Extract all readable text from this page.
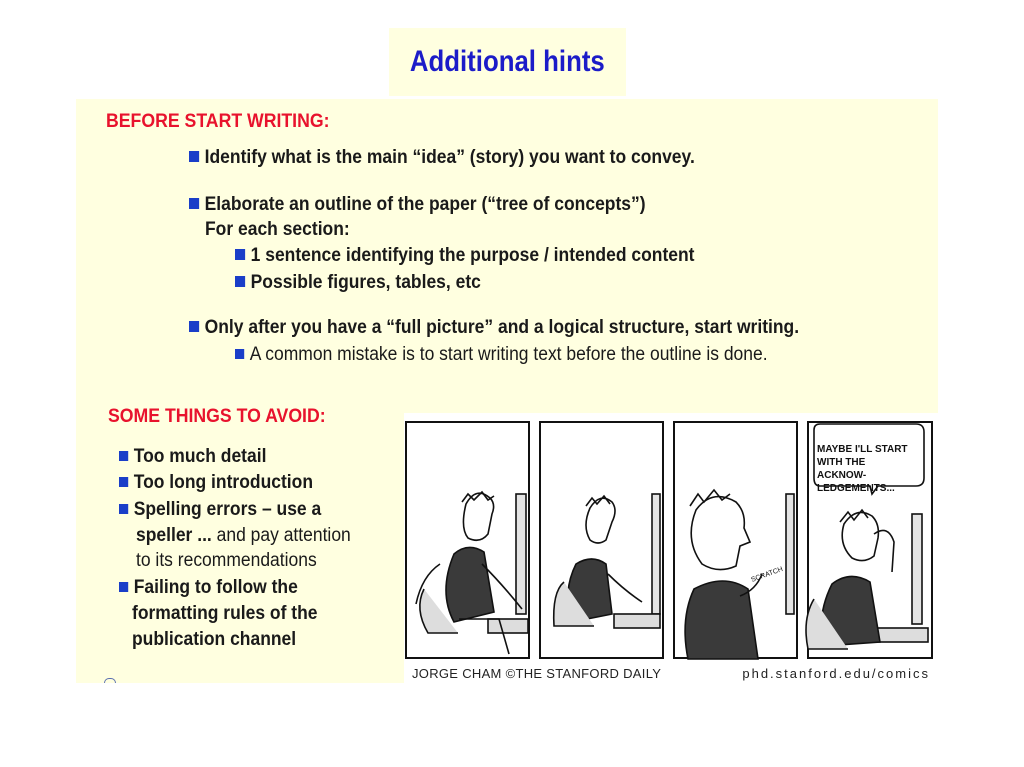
Additional hints

BEFORE START WRITING:

Identify what is the main “idea” (story) you want to convey.

Elaborate an outline of the paper (“tree of concepts”)

For each section:

1 sentence identifying the purpose / intended content

Possible figures, tables, etc

Only after you have a “full picture” and a logical structure, start writing.

A common mistake is to start writing text before the outline is done.

SOME THINGS TO AVOID:

Too much detail

Too long introduction

Spelling errors – use a

speller ... and pay attention

to its recommendations

Failing to follow the

formatting rules of the

publication channel

SCRATCH
JORGE CHAM ©THE STANFORD DAILY	phd.stanford.edu/comics
MAYBE I'LL START WITH THE ACKNOW-LEDGEMENTS...
